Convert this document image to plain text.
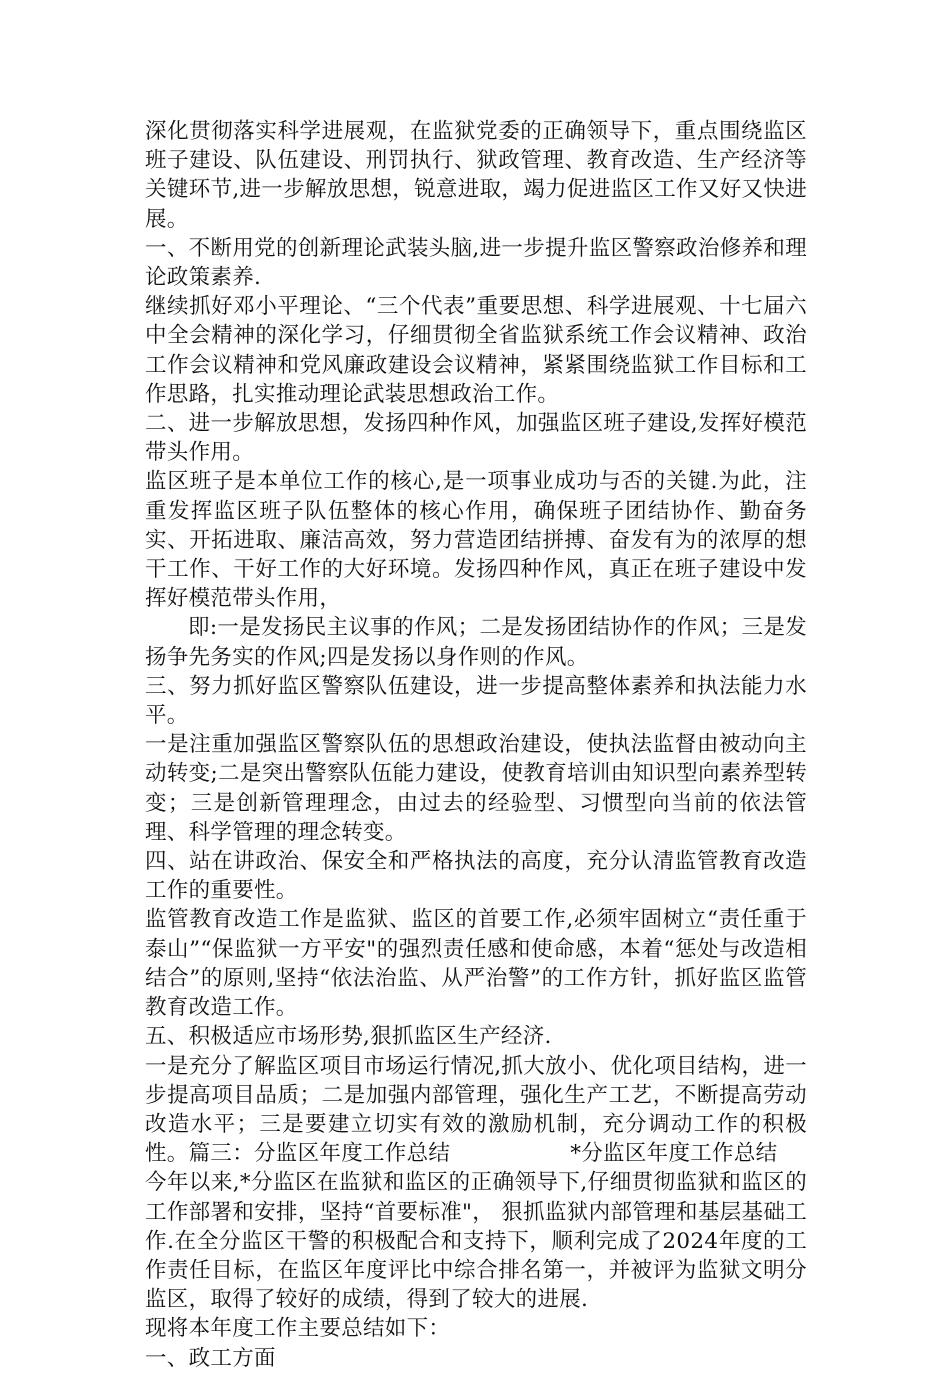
深化贯彻落实科学进展观，在监狱党委的正确领导下，重点围绕监区班子建设、队伍建设、刑罚执行、狱政管理、教育改造、生产经济等关键环节,进一步解放思想，锐意进取，竭力促进监区工作又好又快进展。

一、不断用党的创新理论武装头脑,进一步提升监区警察政治修养和理论政策素养.

继续抓好邓小平理论、“三个代表”重要思想、科学进展观、十七届六中全会精神的深化学习，仔细贯彻全省监狱系统工作会议精神、政治工作会议精神和党风廉政建设会议精神，紧紧围绕监狱工作目标和工作思路，扎实推动理论武装思想政治工作。

二、进一步解放思想，发扬四种作风，加强监区班子建设,发挥好模范带头作用。

监区班子是本单位工作的核心,是一项事业成功与否的关键.为此，注重发挥监区班子队伍整体的核心作用，确保班子团结协作、勤奋务实、开拓进取、廉洁高效，努力营造团结拼搏、奋发有为的浓厚的想干工作、干好工作的大好环境。发扬四种作风，真正在班子建设中发挥好模范带头作用，

即:一是发扬民主议事的作风；二是发扬团结协作的作风；三是发扬争先务实的作风;四是发扬以身作则的作风。

三、努力抓好监区警察队伍建设，进一步提高整体素养和执法能力水平。

一是注重加强监区警察队伍的思想政治建设，使执法监督由被动向主动转变;二是突出警察队伍能力建设，使教育培训由知识型向素养型转变；三是创新管理理念，由过去的经验型、习惯型向当前的依法管理、科学管理的理念转变。

四、站在讲政治、保安全和严格执法的高度，充分认清监管教育改造工作的重要性。

监管教育改造工作是监狱、监区的首要工作,必须牢固树立“责任重于泰山”“保监狱一方平安"的强烈责任感和使命感，本着“惩处与改造相结合”的原则,坚持“依法治监、从严治警”的工作方针，抓好监区监管教育改造工作。

五、积极适应市场形势,狠抓监区生产经济.

一是充分了解监区项目市场运行情况,抓大放小、优化项目结构，进一步提高项目品质；二是加强内部管理，强化生产工艺，不断提高劳动改造水平；三是要建立切实有效的激励机制，充分调动工作的积极性。篇三：分监区年度工作总结	*分监区年度工作总结

今年以来,*分监区在监狱和监区的正确领导下,仔细贯彻监狱和监区的工作部署和安排，坚持“首要标准"， 狠抓监狱内部管理和基层基础工作.在全分监区干警的积极配合和支持下，顺利完成了2024年度的工作责任目标，在监区年度评比中综合排名第一，并被评为监狱文明分监区，取得了较好的成绩，得到了较大的进展.

现将本年度工作主要总结如下：

一、政工方面
